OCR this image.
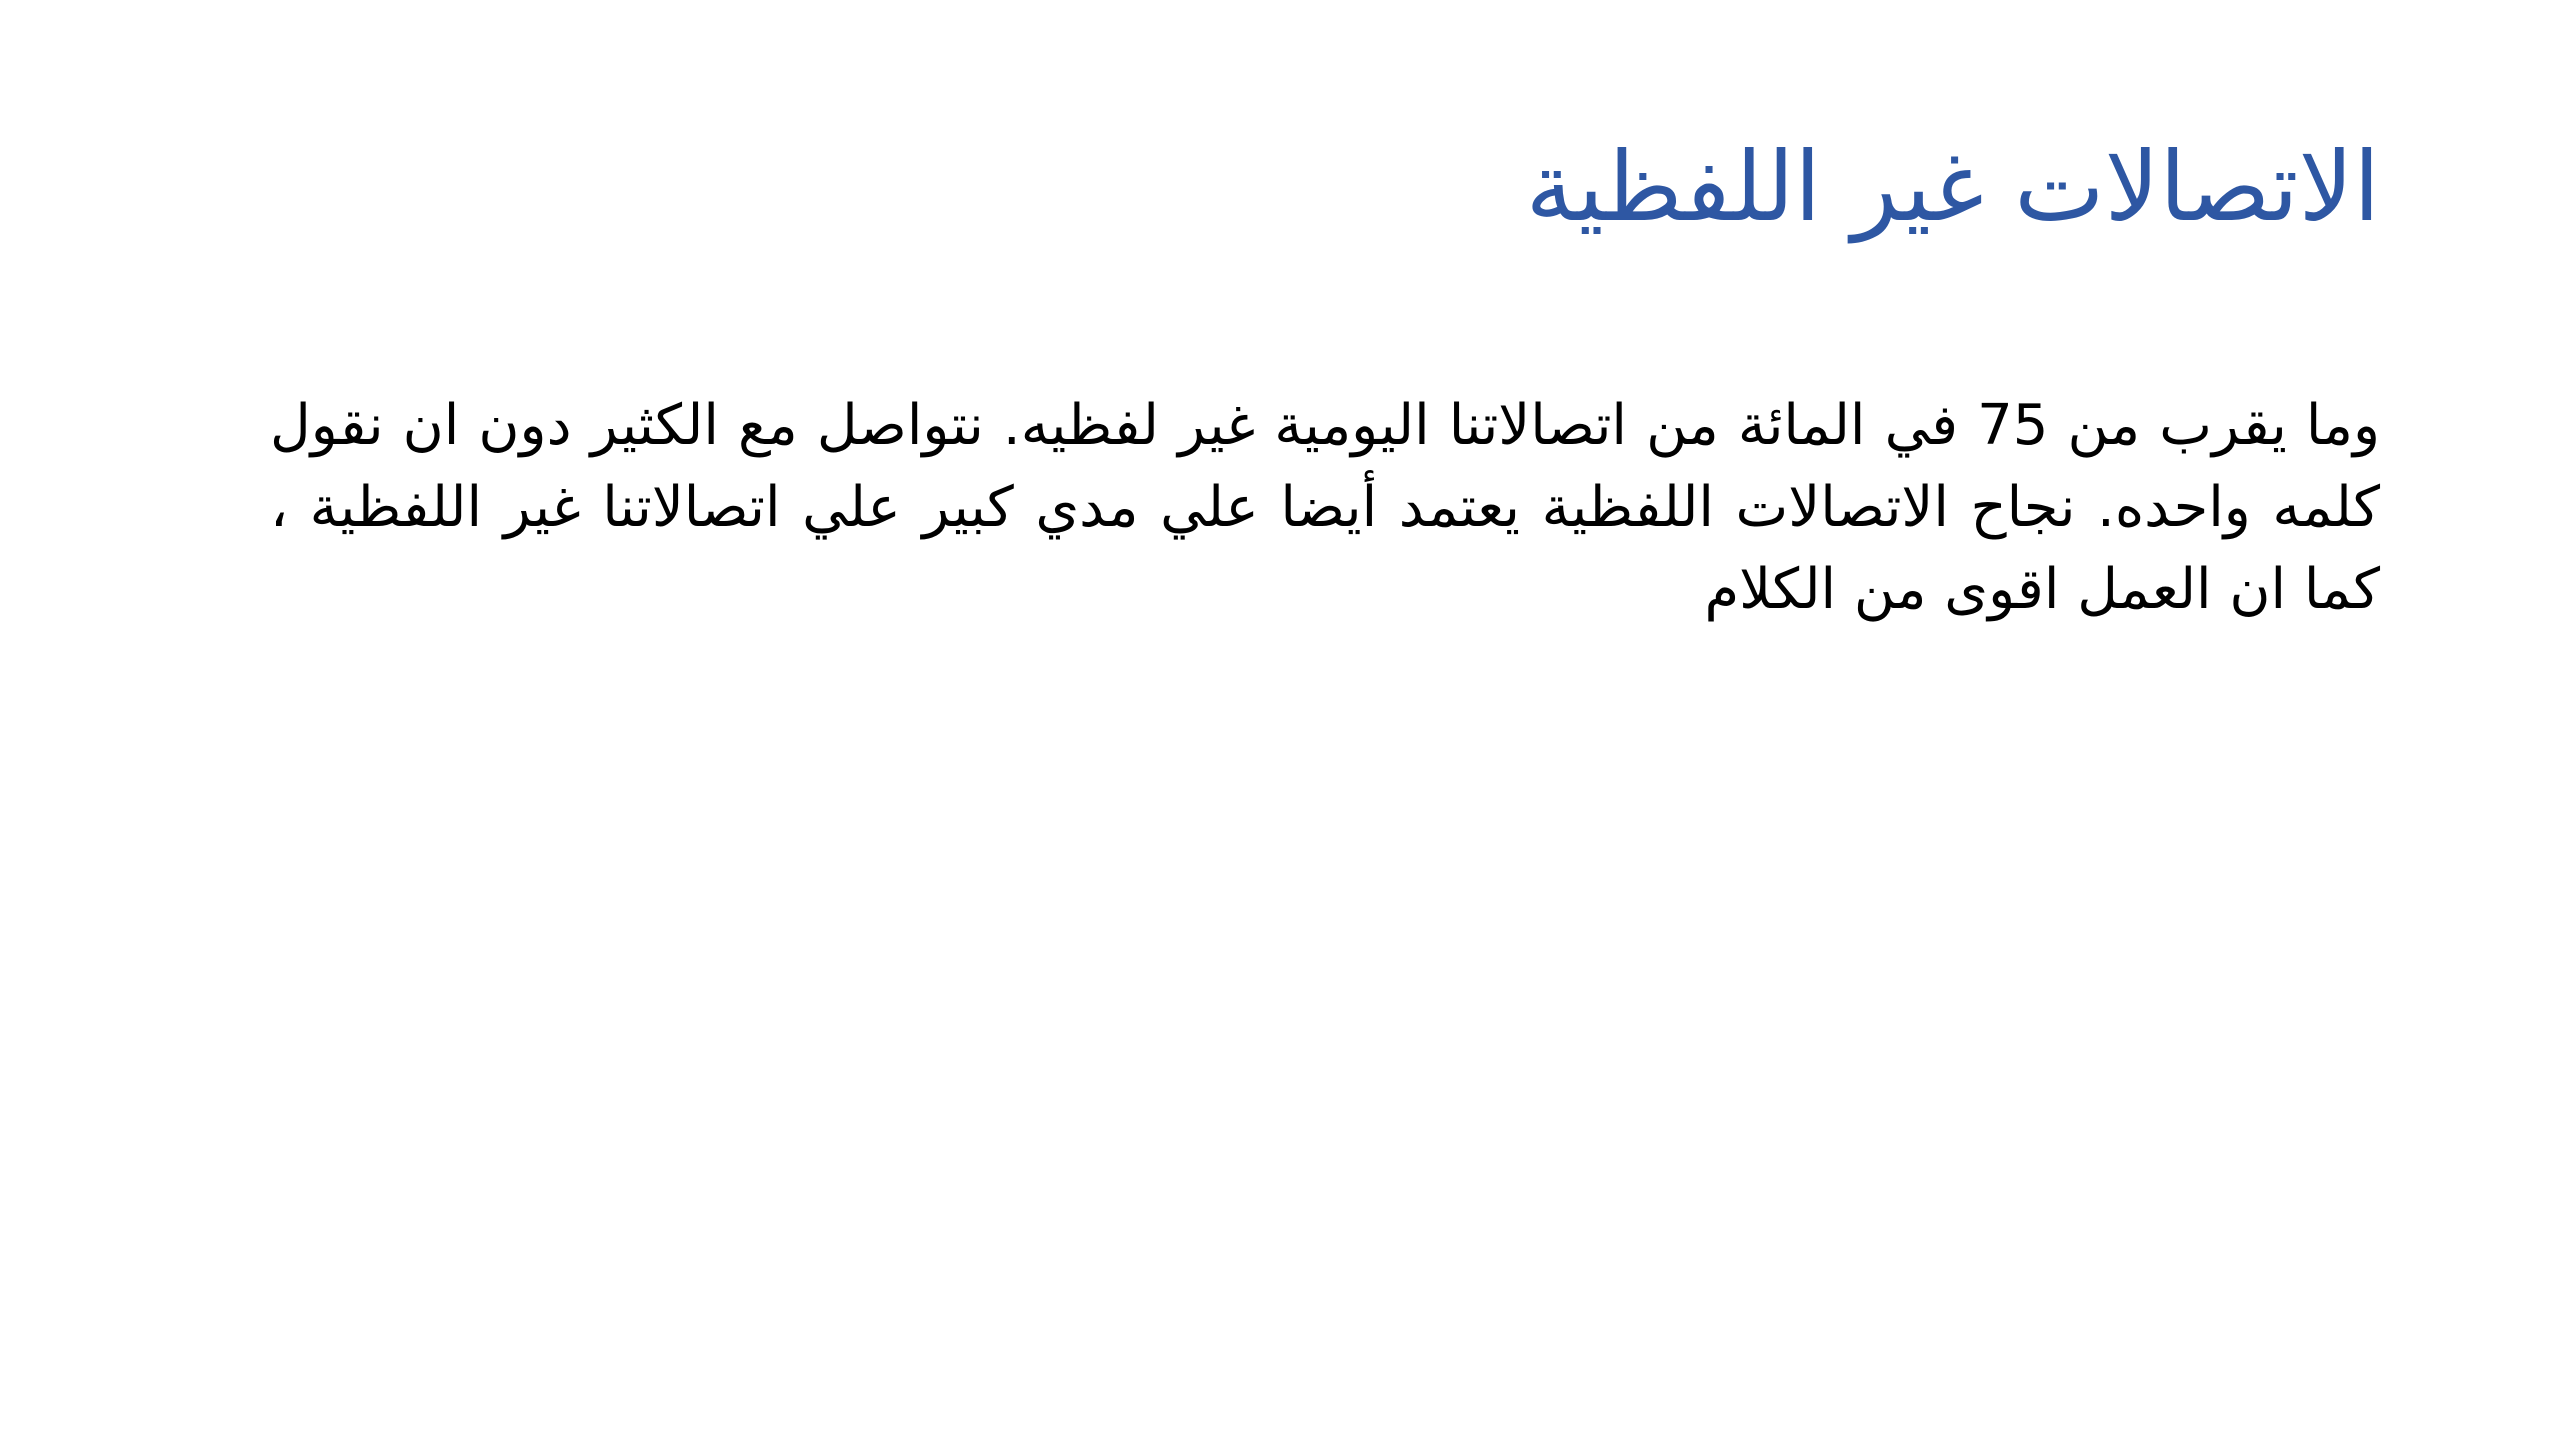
الاتصالات غير اللفظية
وما يقرب من 75 في المائة من اتصالاتنا اليومية غير لفظيه. نتواصل مع الكثير دون ان نقول كلمه واحده. نجاح الاتصالات اللفظية يعتمد أيضا علي مدي كبير علي اتصالاتنا غير اللفظية ، كما ان العمل اقوى من الكلام
